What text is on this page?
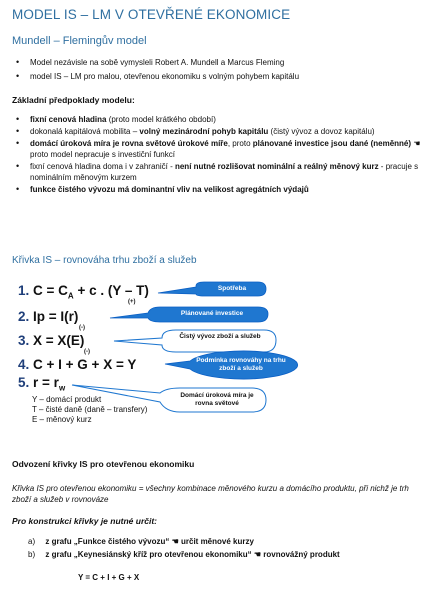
MODEL IS – LM V OTEVŘENÉ EKONOMICE
Mundell – Flemingův model
• Model nezávisle na sobě vymysleli Robert A. Mundell a Marcus Fleming
• model IS – LM pro malou, otevřenou ekonomiku s volným pohybem kapitálu
Základní předpoklady modelu:
• fixní cenová hladina (proto model krátkého období)
• dokonalá kapitálová mobilita – volný mezinárodní pohyb kapitálu (čistý vývoz a dovoz kapitálu)
• domácí úroková míra je rovna světové úrokové míře, proto plánované investice jsou dané (neměnné) ☚ proto model nepracuje s investiční funkcí
• fixní cenová hladina doma i v zahraničí - není nutné rozlišovat nominální a reálný měnový kurz - pracuje s nominálním měnovým kurzem
• funkce čistého vývozu má dominantní vliv na velikost agregátních výdajů
Křivka IS – rovnováha trhu zboží a služeb
1. $C = C_A + c$ . (Y – T)
(+)
2. Ip = I(r)
(-)
3. X = X(E)
(-)
4. C + I + G + X = Y
5. $r = r_w$
Spotřeba
Plánované investice
Čistý vývoz zboží a služeb
Podmínka rovnováhy na trhu zboží a služeb
Domácí úroková míra je rovna světové
Y – domácí produkt
T – čisté daně (daně – transfery)
E – měnový kurz
Odvození křivky IS pro otevřenou ekonomiku
Křivka IS pro otevřenou ekonomiku = všechny kombinace měnového kurzu a domácího produktu, při nichž je trh zboží a služeb v rovnováze
Pro konstrukci křivky je nutné určit:
a) z grafu „Funkce čistého vývozu“ ☚ určit měnové kurzy
b) z grafu „Keynesiánský kříž pro otevřenou ekonomiku“ ☚ rovnovážný produkt
Y = C + I + G + X
